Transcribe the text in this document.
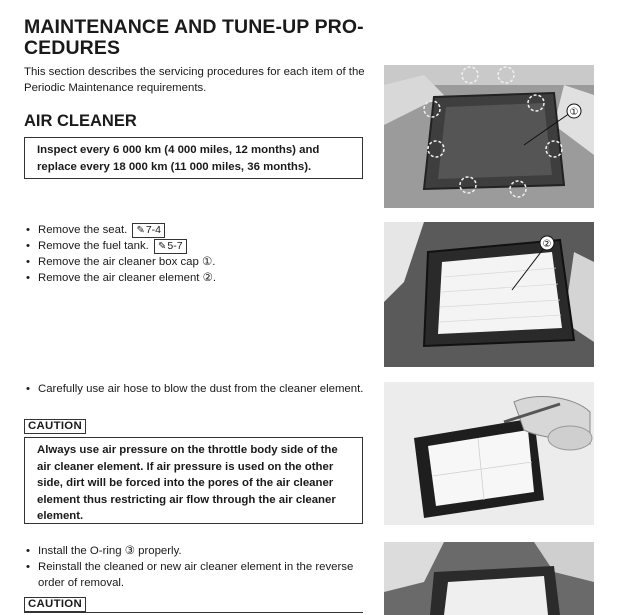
MAINTENANCE AND TUNE-UP PRO-CEDURES
This section describes the servicing procedures for each item of the Periodic Maintenance requirements.
AIR CLEANER
Inspect every 6 000 km (4 000 miles, 12 months) and replace every 18 000 km (11 000 miles, 36 months).
• Remove the seat. ✎7-4
• Remove the fuel tank. ✎5-7
• Remove the air cleaner box cap ①.
• Remove the air cleaner element ②.
• Carefully use air hose to blow the dust from the cleaner element.
CAUTION
Always use air pressure on the throttle body side of the air cleaner element. If air pressure is used on the other side, dirt will be forced into the pores of the air cleaner element thus restricting air flow through the air cleaner element.
• Install the O-ring ③ properly.
• Reinstall the cleaned or new air cleaner element in the reverse order of removal.
CAUTION
①
②
